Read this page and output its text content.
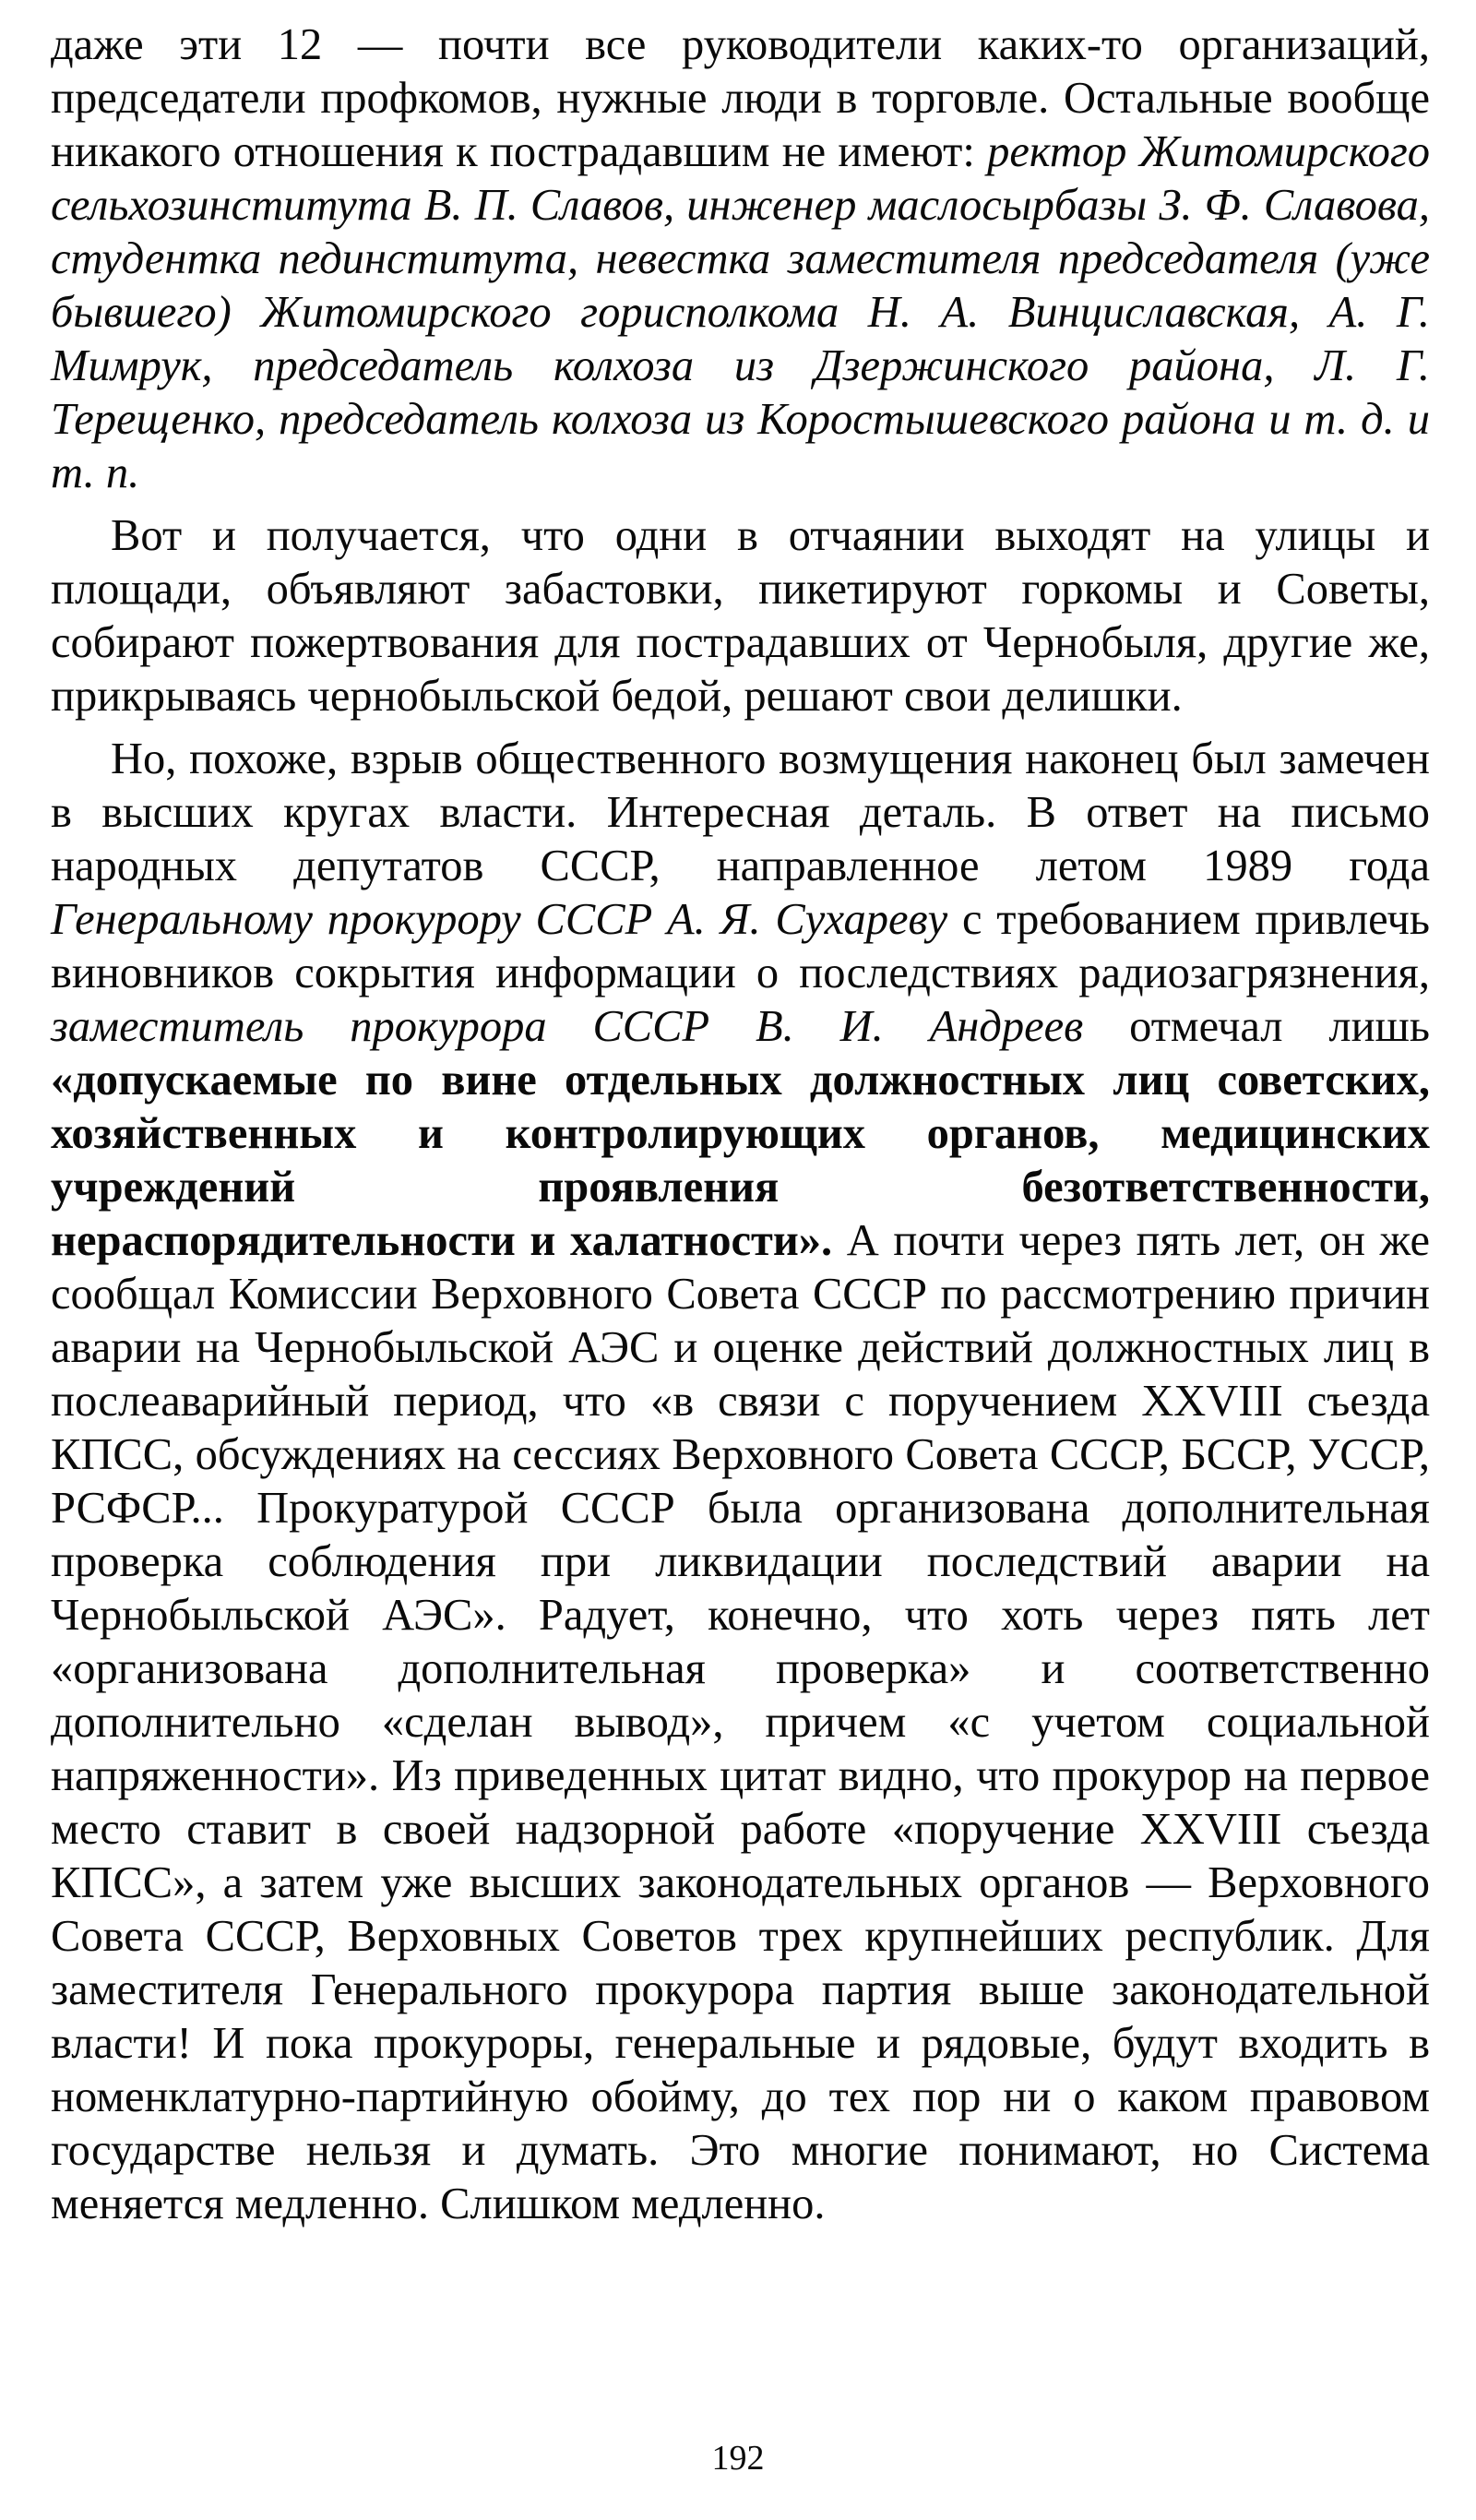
даже эти 12 — почти все руководители каких-то организаций, председатели профкомов, нужные люди в торговле. Остальные вообще никакого отношения к пострадавшим не имеют: ректор Житомирского сельхозинститута В. П. Славов, инженер маслосырбазы З. Ф. Славова, студентка пединститута, невестка заместителя председателя (уже бывшего) Житомирского горисполкома Н. А. Винциславская, А. Г. Мимрук, председатель колхоза из Дзержинского района, Л. Г. Терещенко, председатель колхоза из Коростышевского района и т. д. и т. п.

Вот и получается, что одни в отчаянии выходят на улицы и площади, объявляют забастовки, пикетируют горкомы и Советы, собирают пожертвования для пострадавших от Чернобыля, другие же, прикрываясь чернобыльской бедой, решают свои делишки.

Но, похоже, взрыв общественного возмущения наконец был замечен в высших кругах власти. Интересная деталь. В ответ на письмо народных депутатов СССР, направленное летом 1989 года Генеральному прокурору СССР А. Я. Сухареву с требованием привлечь виновников сокрытия информации о последствиях радиозагрязнения, заместитель прокурора СССР В. И. Андреев отмечал лишь «допускаемые по вине отдельных должностных лиц советских, хозяйственных и контролирующих органов, медицинских учреждений проявления безответственности, нераспорядительности и халатности». А почти через пять лет, он же сообщал Комиссии Верховного Совета СССР по рассмотрению причин аварии на Чернобыльской АЭС и оценке действий должностных лиц в послеаварийный период, что «в связи с поручением XXVIII съезда КПСС, обсуждениях на сессиях Верховного Совета СССР, БССР, УССР, РСФСР... Прокуратурой СССР была организована дополнительная проверка соблюдения при ликвидации последствий аварии на Чернобыльской АЭС». Радует, конечно, что хоть через пять лет «организована дополнительная проверка» и соответственно дополнительно «сделан вывод», причем «с учетом социальной напряженности». Из приведенных цитат видно, что прокурор на первое место ставит в своей надзорной работе «поручение XXVIII съезда КПСС», а затем уже высших законодательных органов — Верховного Совета СССР, Верховных Советов трех крупнейших республик. Для заместителя Генерального прокурора партия выше законодательной власти! И пока прокуроры, генеральные и рядовые, будут входить в номенклатурно-партийную обойму, до тех пор ни о каком правовом государстве нельзя и думать. Это многие понимают, но Система меняется медленно. Слишком медленно.

192
